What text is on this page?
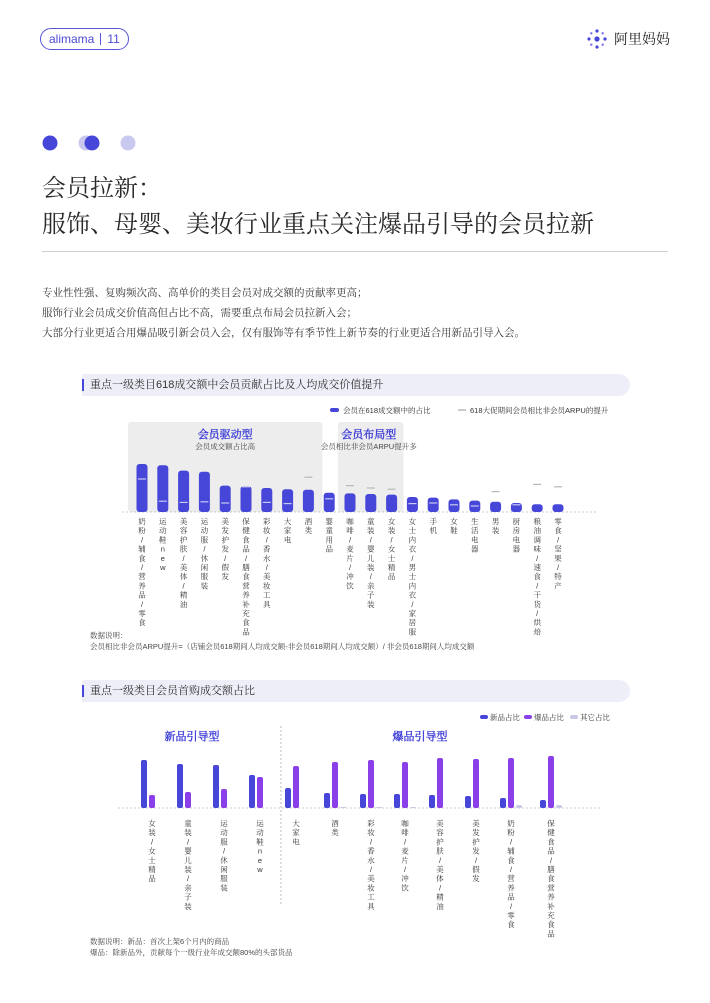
alimama 11	阿里妈妈
会员拉新：
服饰、母婴、美妆行业重点关注爆品引导的会员拉新
专业性性强、复购频次高、高单价的类目会员对成交额的贡献率更高；
服饰行业会员成交价值高但占比不高，需要重点布局会员拉新入会；
大部分行业更适合用爆品吸引新会员入会，仅有服饰等有季节性上新节奏的行业更适合用新品引导入会。
重点一级类目618成交额中会员贡献占比及人均成交价值提升
会员驱动型
会员成交额占比高
会员布局型
会员相比非会员ARPU提升多
会员在618成交额中的占比	618大促期间会员相比非会员ARPU的提升
奶粉/辅食/营养品/零食
运动鞋 n e w
美容护肤/美体/精油
运动服/休闲服装
美发护发/假发
保健食品/膳食营养补充食品
彩妆/香水/美妆工具
大家电
酒类
婴童用品
咖啡/麦片/冲饮
童装/婴儿装/亲子装
女装/女士精品
女士内衣/男士内衣/家居服
手机
女鞋
生活电器
男装
厨房电器
粮油调味/速食/干货/烘焙
零食/坚果/特产
数据说明：
会员相比非会员ARPU提升=（店铺会员618期间人均成交额-非会员618期间人均成交额）/ 非会员618期间人均成交额
重点一级类目会员首购成交额占比
新品占比 爆品占比 其它占比
新品引导型	爆品引导型
女装/女士精品
童装/婴儿装/亲子装
运动服/休闲服装
运动鞋 n e w
大家电
酒类
彩妆/香水/美妆工具
咖啡/麦片/冲饮
美容护肤/美体/精油
美发护发/假发
奶粉/辅食/营养品/零食
保健食品/膳食营养补充食品
数据说明：新品：首次上架6个月内的商品
爆品：除新品外，贡献每个一级行业年成交额80%的头部货品
